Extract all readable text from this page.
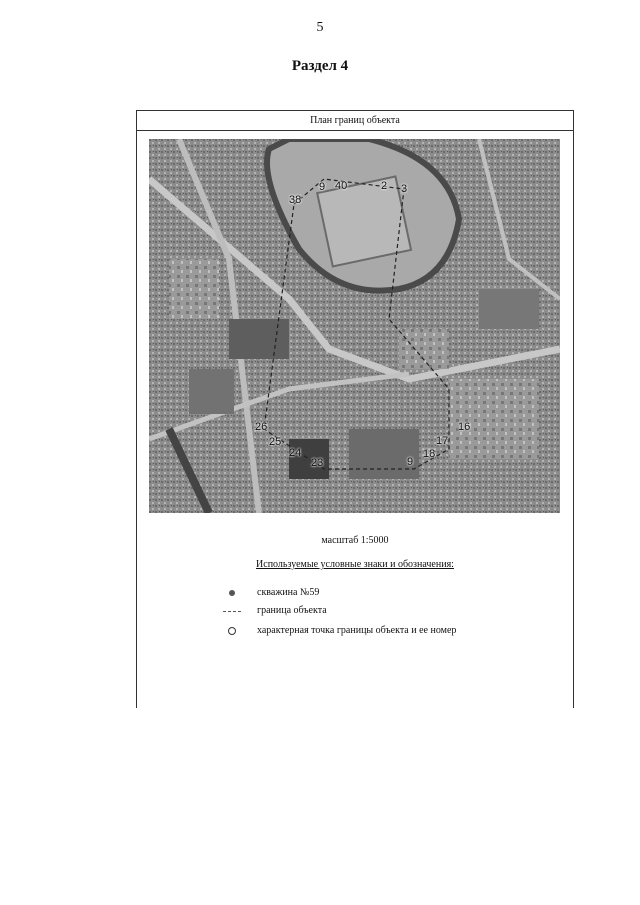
5
Раздел 4
План границ объекта
38
9 40	2 3
26
25
24
23	9
18
17
16
масштаб 1:5000
Используемые условные знаки и обозначения:
скважина №59
граница объекта
характерная точка границы объекта и ее номер
